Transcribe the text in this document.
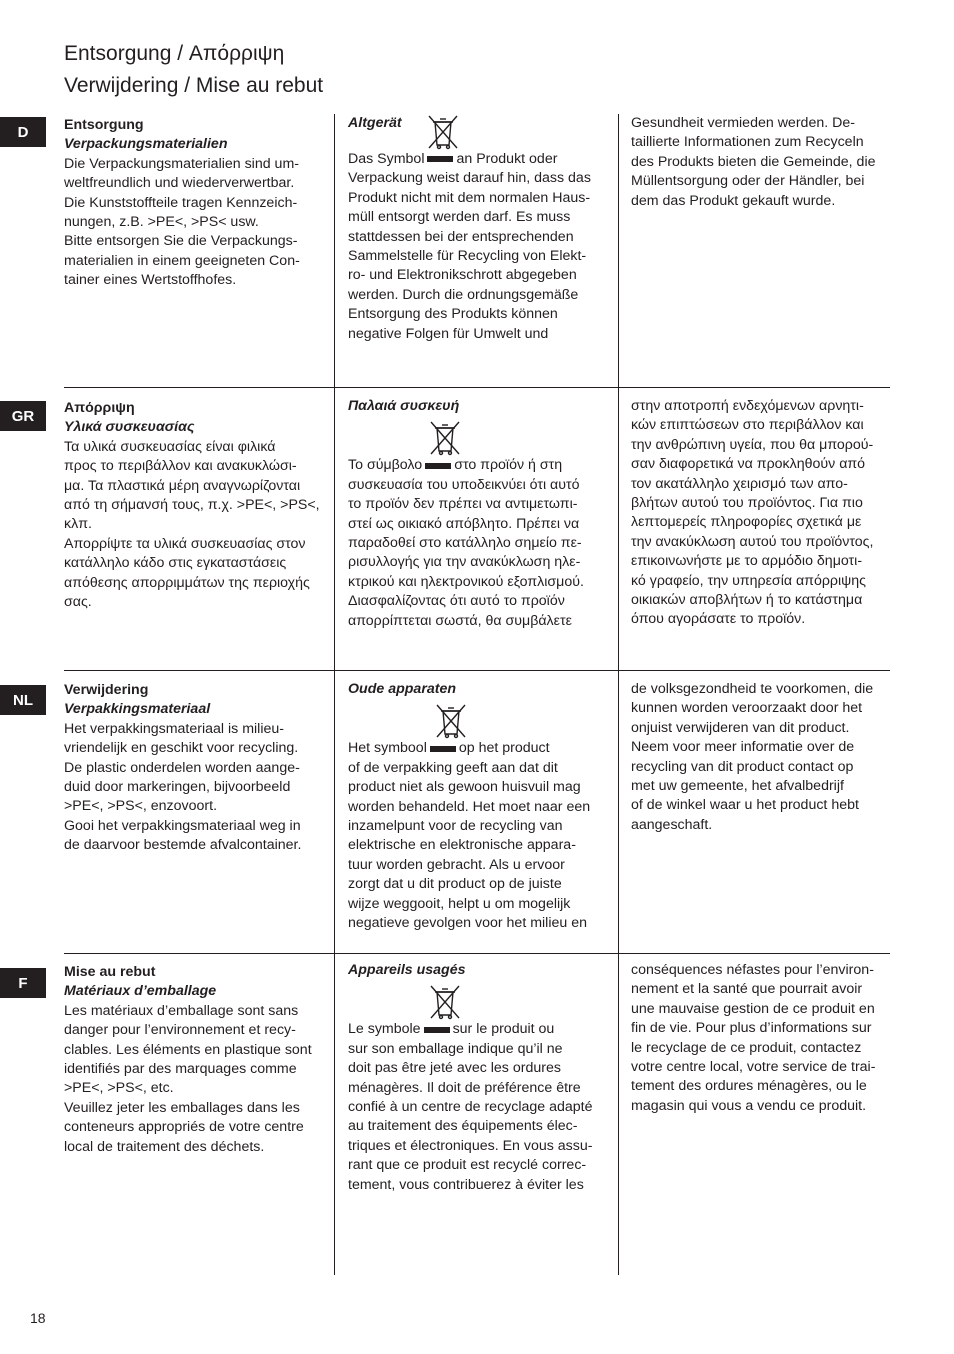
Entsorgung / Απόρριψη
Verwijdering / Mise au rebut
D	Entsorgung
Verpackungsmaterialien
Die Verpackungsmaterialien sind um-
weltfreundlich und wiederverwertbar.
Die Kunststoffteile tragen Kennzeich-
nungen, z.B. >PE<, >PS< usw.
Bitte entsorgen Sie die Verpackungs-
materialien in einem geeigneten Con-
tainer eines Wertstoffhofes.
Altgerät
Das Symbol an Produkt oder
Verpackung weist darauf hin, dass das
Produkt nicht mit dem normalen Haus-
müll entsorgt werden darf. Es muss
stattdessen bei der entsprechenden
Sammelstelle für Recycling von Elekt-
ro- und Elektronikschrott abgegeben
werden. Durch die ordnungsgemäße
Entsorgung des Produkts können
negative Folgen für Umwelt und
Gesundheit vermieden werden. De-
taillierte Informationen zum Recyceln
des Produkts bieten die Gemeinde, die
Müllentsorgung oder der Händler, bei
dem das Produkt gekauft wurde.
GR	Απόρριψη
Υλικά συσκευασίας
Τα υλικά συσκευασίας είναι φιλικά
προς το περιβάλλον και ανακυκλώσι-
μα. Τα πλαστικά μέρη αναγνωρίζονται
από τη σήμανσή τους, π.χ. >PE<, >PS<,
κλπ.
Απορρίψτε τα υλικά συσκευασίας στον
κατάλληλο κάδο στις εγκαταστάσεις
απόθεσης απορριμμάτων της περιοχής
σας.
Παλαιά συσκευή
Το σύμβολο στο προϊόν ή στη
συσκευασία του υποδεικνύει ότι αυτό
το προϊόν δεν πρέπει να αντιμετωπι-
στεί ως οικιακό απόβλητο. Πρέπει να
παραδοθεί στο κατάλληλο σημείο πε-
ρισυλλογής για την ανακύκλωση ηλε-
κτρικού και ηλεκτρονικού εξοπλισμού.
Διασφαλίζοντας ότι αυτό το προϊόν
απορρίπτεται σωστά, θα συμβάλετε
στην αποτροπή ενδεχόμενων αρνητι-
κών επιπτώσεων στο περιβάλλον και
την ανθρώπινη υγεία, που θα μπορού-
σαν διαφορετικά να προκληθούν από
τον ακατάλληλο χειρισμό των απο-
βλήτων αυτού του προϊόντος. Για πιο
λεπτομερείς πληροφορίες σχετικά με
την ανακύκλωση αυτού του προϊόντος,
επικοινωνήστε με το αρμόδιο δημοτι-
κό γραφείο, την υπηρεσία απόρριψης
οικιακών αποβλήτων ή το κατάστημα
όπου αγοράσατε το προϊόν.
NL
Verwijdering
Verpakkingsmateriaal
Het verpakkingsmateriaal is milieu-
vriendelijk en geschikt voor recycling.
De plastic onderdelen worden aange-
duid door markeringen, bijvoorbeeld
>PE<, >PS<, enzovoort.
Gooi het verpakkingsmateriaal weg in
de daarvoor bestemde afvalcontainer.
Oude apparaten
Het symbool op het product
of de verpakking geeft aan dat dit
product niet als gewoon huisvuil mag
worden behandeld. Het moet naar een
inzamelpunt voor de recycling van
elektrische en elektronische appara-
tuur worden gebracht. Als u ervoor
zorgt dat u dit product op de juiste
wijze weggooit, helpt u om mogelijk
negatieve gevolgen voor het milieu en
de volksgezondheid te voorkomen, die
kunnen worden veroorzaakt door het
onjuist verwijderen van dit product.
Neem voor meer informatie over de
recycling van dit product contact op
met uw gemeente, het afvalbedrijf
of de winkel waar u het product hebt
aangeschaft.
F
Mise au rebut
Matériaux d’emballage
Les matériaux d’emballage sont sans
danger pour l’environnement et recy-
clables. Les éléments en plastique sont
identifiés par des marquages comme
>PE<, >PS<, etc.
Veuillez jeter les emballages dans les
conteneurs appropriés de votre centre
local de traitement des déchets.
Appareils usagés
Le symbole sur le produit ou
sur son emballage indique qu’il ne
doit pas être jeté avec les ordures
ménagères. Il doit de préférence être
confié à un centre de recyclage adapté
au traitement des équipements élec-
triques et électroniques. En vous assu-
rant que ce produit est recyclé correc-
tement, vous contribuerez à éviter les
conséquences néfastes pour l’environ-
nement et la santé que pourrait avoir
une mauvaise gestion de ce produit en
fin de vie. Pour plus d’informations sur
le recyclage de ce produit, contactez
votre centre local, votre service de trai-
tement des ordures ménagères, ou le
magasin qui vous a vendu ce produit.
18
